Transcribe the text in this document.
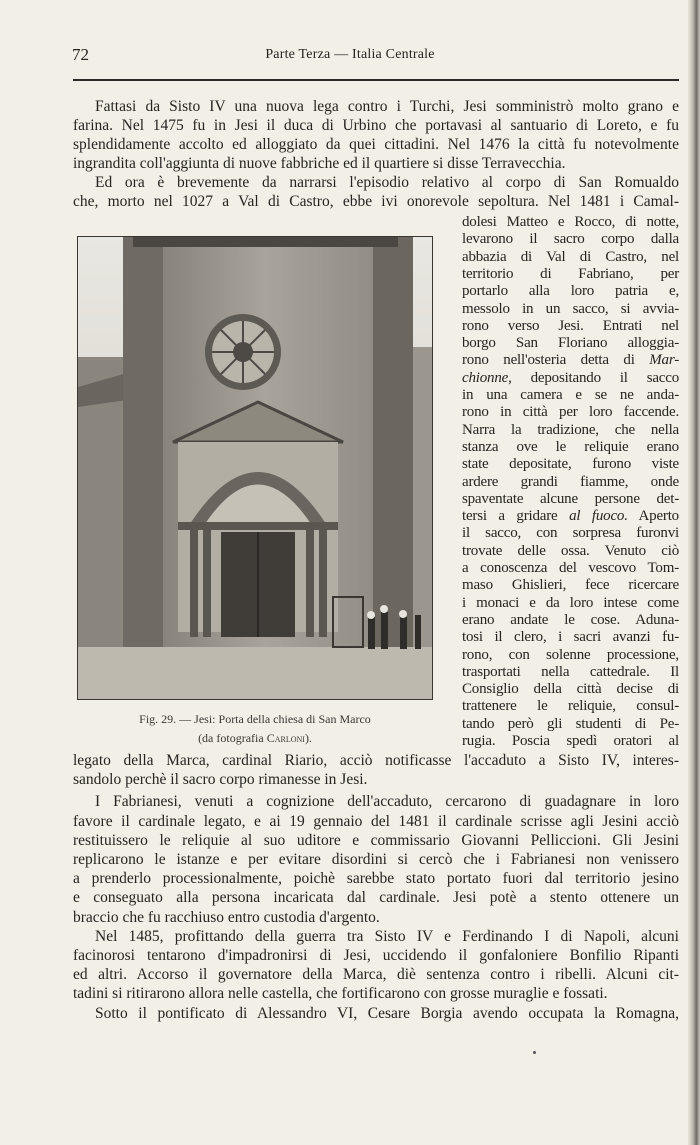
72	Parte Terza — Italia Centrale
Fattasi da Sisto IV una nuova lega contro i Turchi, Jesi somministrò molto grano e
farina. Nel 1475 fu in Jesi il duca di Urbino che portavasi al santuario di Loreto, e fu
splendidamente accolto ed alloggiato da quei cittadini. Nel 1476 la città fu notevolmente
ingrandita coll'aggiunta di nuove fabbriche ed il quartiere si disse Terravecchia.
Ed ora è brevemente da narrarsi l'episodio relativo al corpo di San Romualdo
che, morto nel 1027 a Val di Castro, ebbe ivi onorevole sepoltura. Nel 1481 i Camal-
dolesi Matteo e Rocco, di notte,
levarono il sacro corpo dalla
abbazia di Val di Castro, nel
territorio di Fabriano, per
portarlo alla loro patria e,
messolo in un sacco, si avvia-
rono verso Jesi. Entrati nel
borgo San Floriano alloggia-
rono nell'osteria detta di Mar-
chionne, depositando il sacco
in una camera e se ne anda-
rono in città per loro faccende.
Narra la tradizione, che nella
stanza ove le reliquie erano
state depositate, furono viste
ardere grandi fiamme, onde
spaventate alcune persone det-
tersi a gridare al fuoco. Aperto
il sacco, con sorpresa furonvi
trovate delle ossa. Venuto ciò
a conoscenza del vescovo Tom-
maso Ghislieri, fece ricercare
i monaci e da loro intese come
erano andate le cose. Aduna-
tosi il clero, i sacri avanzi fu-
rono, con solenne processione,
trasportati nella cattedrale. Il
Consiglio della città decise di
trattenere le reliquie, consul-
tando però gli studenti di Pe-
rugia. Poscia spedì oratori al
legato della Marca, cardinal Riario, acciò notificasse l'accaduto a Sisto IV, interes-
sandolo perchè il sacro corpo rimanesse in Jesi.
I Fabrianesi, venuti a cognizione dell'accaduto, cercarono di guadagnare in loro
favore il cardinale legato, e ai 19 gennaio del 1481 il cardinale scrisse agli Jesini acciò
restituissero le reliquie al suo uditore e commissario Giovanni Pelliccioni. Gli Jesini
replicarono le istanze e per evitare disordini si cercò che i Fabrianesi non venissero
a prenderlo processionalmente, poichè sarebbe stato portato fuori dal territorio jesino
e conseguato alla persona incaricata dal cardinale. Jesi potè a stento ottenere un
braccio che fu racchiuso entro custodia d'argento.
Nel 1485, profittando della guerra tra Sisto IV e Ferdinando I di Napoli, alcuni
facinorosi tentarono d'impadronirsi di Jesi, uccidendo il gonfaloniere Bonfilio Ripanti
ed altri. Accorso il governatore della Marca, diè sentenza contro i ribelli. Alcuni cit-
tadini si ritirarono allora nelle castella, che fortificarono con grosse muraglie e fossati.
Sotto il pontificato di Alessandro VI, Cesare Borgia avendo occupata la Romagna,
Fig. 29. — Jesi: Porta della chiesa di San Marco
(da fotografia Carloni).
